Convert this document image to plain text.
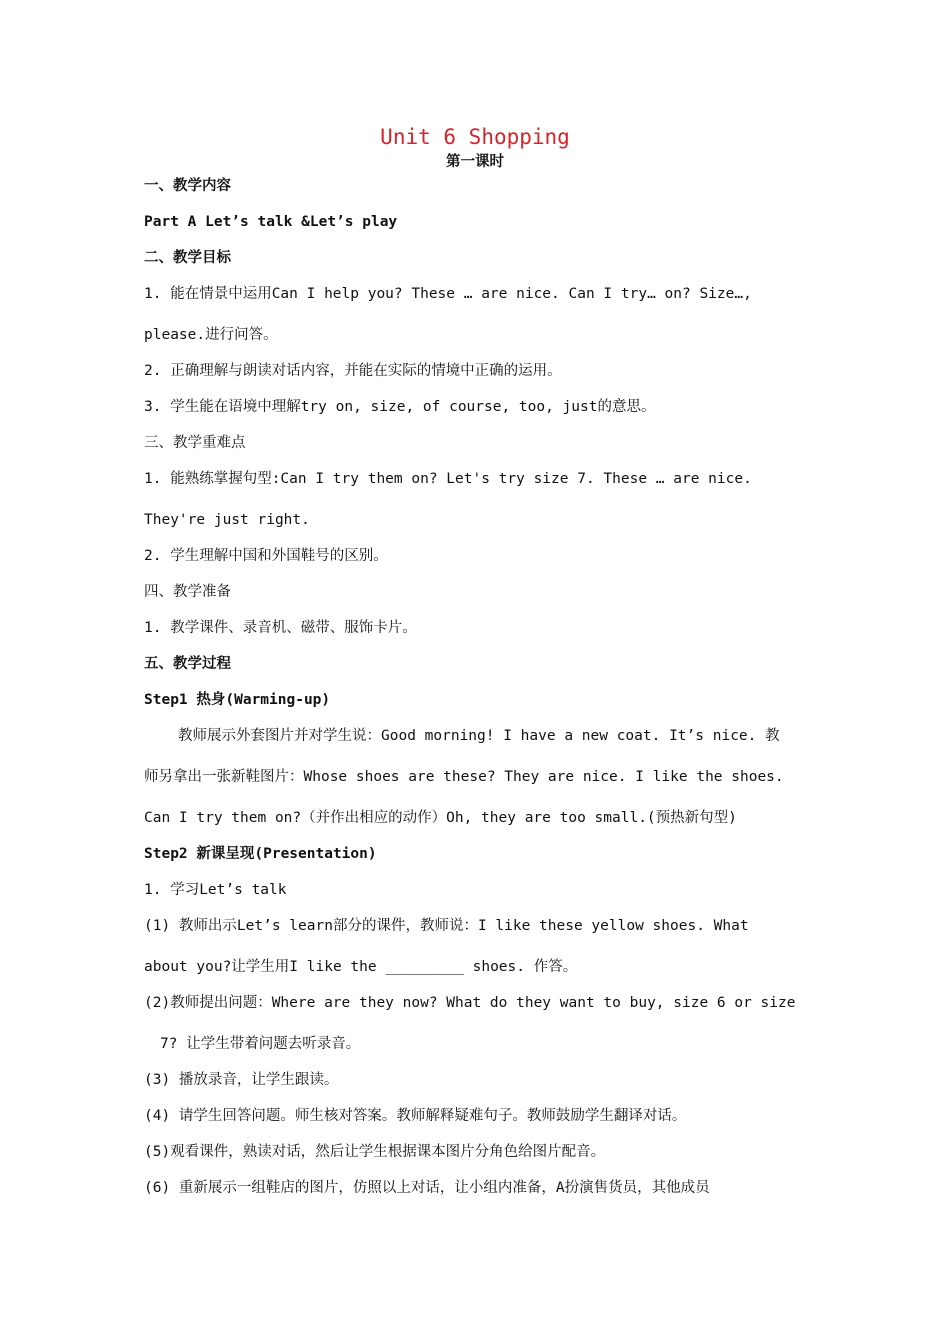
Unit 6 Shopping
第一课时
一、教学内容
Part A Let’s talk &Let’s play
二、教学目标
1. 能在情景中运用Can I help you? These … are nice. Can I try… on? Size…,
please.进行问答。
2. 正确理解与朗读对话内容，并能在实际的情境中正确的运用。
3. 学生能在语境中理解try on, size, of course, too, just的意思。
三、教学重难点
1. 能熟练掌握句型:Can I try them on? Let's try size 7. These … are nice.
They're just right.
2. 学生理解中国和外国鞋号的区别。
四、教学准备
1. 教学课件、录音机、磁带、服饰卡片。
五、教学过程
Step1 热身(Warming-up)
教师展示外套图片并对学生说：Good morning! I have a new coat. It’s nice. 教
师另拿出一张新鞋图片：Whose shoes are these? They are nice. I like the shoes.
Can I try them on?（并作出相应的动作）Oh, they are too small.(预热新句型)
Step2 新课呈现(Presentation)
1. 学习Let’s talk
(1) 教师出示Let’s learn部分的课件，教师说：I like these yellow shoes. What
about you?让学生用I like the _________ shoes. 作答。
(2)教师提出问题：Where are they now? What do they want to buy, size 6 or size
7? 让学生带着问题去听录音。
(3) 播放录音，让学生跟读。
(4) 请学生回答问题。师生核对答案。教师解释疑难句子。教师鼓励学生翻译对话。
(5)观看课件，熟读对话，然后让学生根据课本图片分角色给图片配音。
(6) 重新展示一组鞋店的图片，仿照以上对话，让小组内准备，A扮演售货员，其他成员
